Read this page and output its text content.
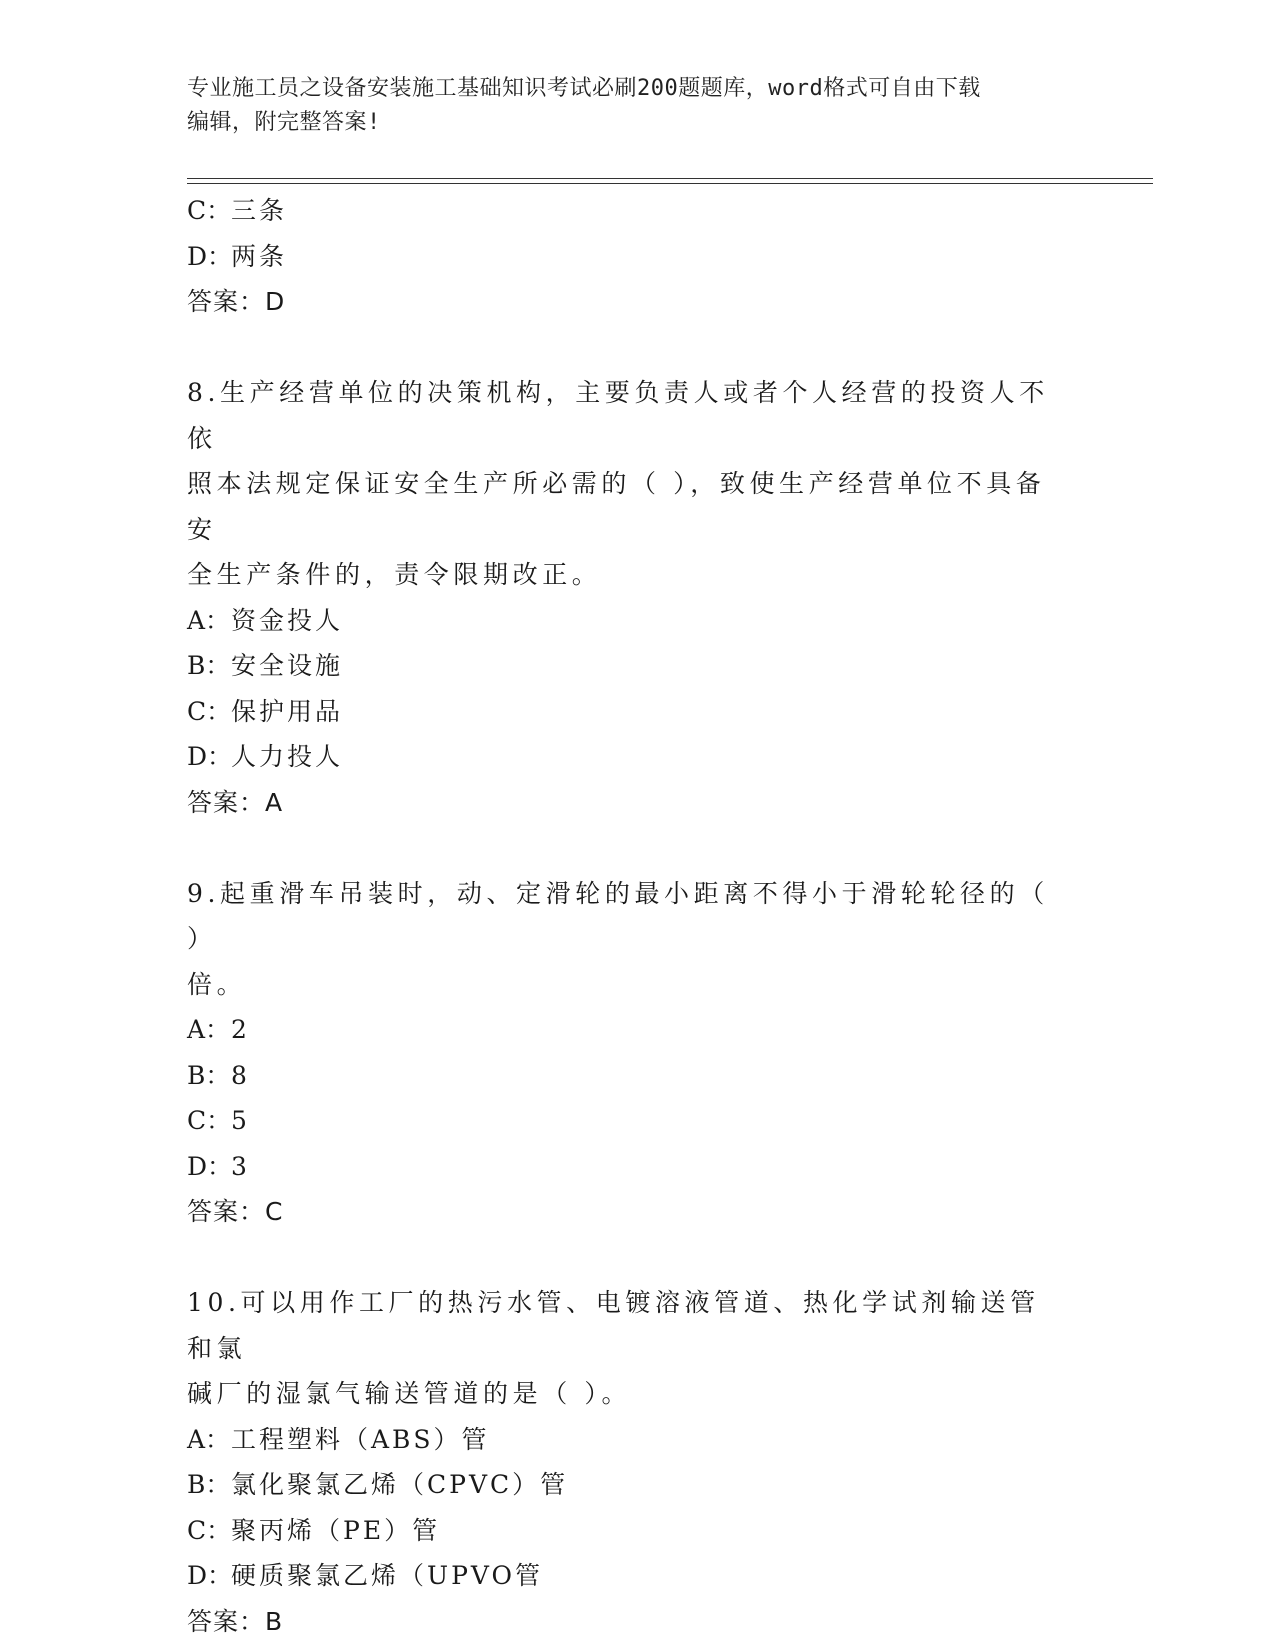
专业施工员之设备安装施工基础知识考试必刷200题题库，word格式可自由下载
编辑，附完整答案!
C：三条
D：两条
答案：D
8.生产经营单位的决策机构，主要负责人或者个人经营的投资人不依
照本法规定保证安全生产所必需的（ ），致使生产经营单位不具备安
全生产条件的，责令限期改正。
A：资金投人
B：安全设施
C：保护用品
D：人力投人
答案：A
9.起重滑车吊装时，动、定滑轮的最小距离不得小于滑轮轮径的（ ）
倍。
A：2
B：8
C：5
D：3
答案：C
10.可以用作工厂的热污水管、电镀溶液管道、热化学试剂输送管和氯
碱厂的湿氯气输送管道的是（ ）。
A：工程塑料（ABS）管
B：氯化聚氯乙烯（CPVC）管
C：聚丙烯（PE）管
D：硬质聚氯乙烯（UPVO管
答案：B
